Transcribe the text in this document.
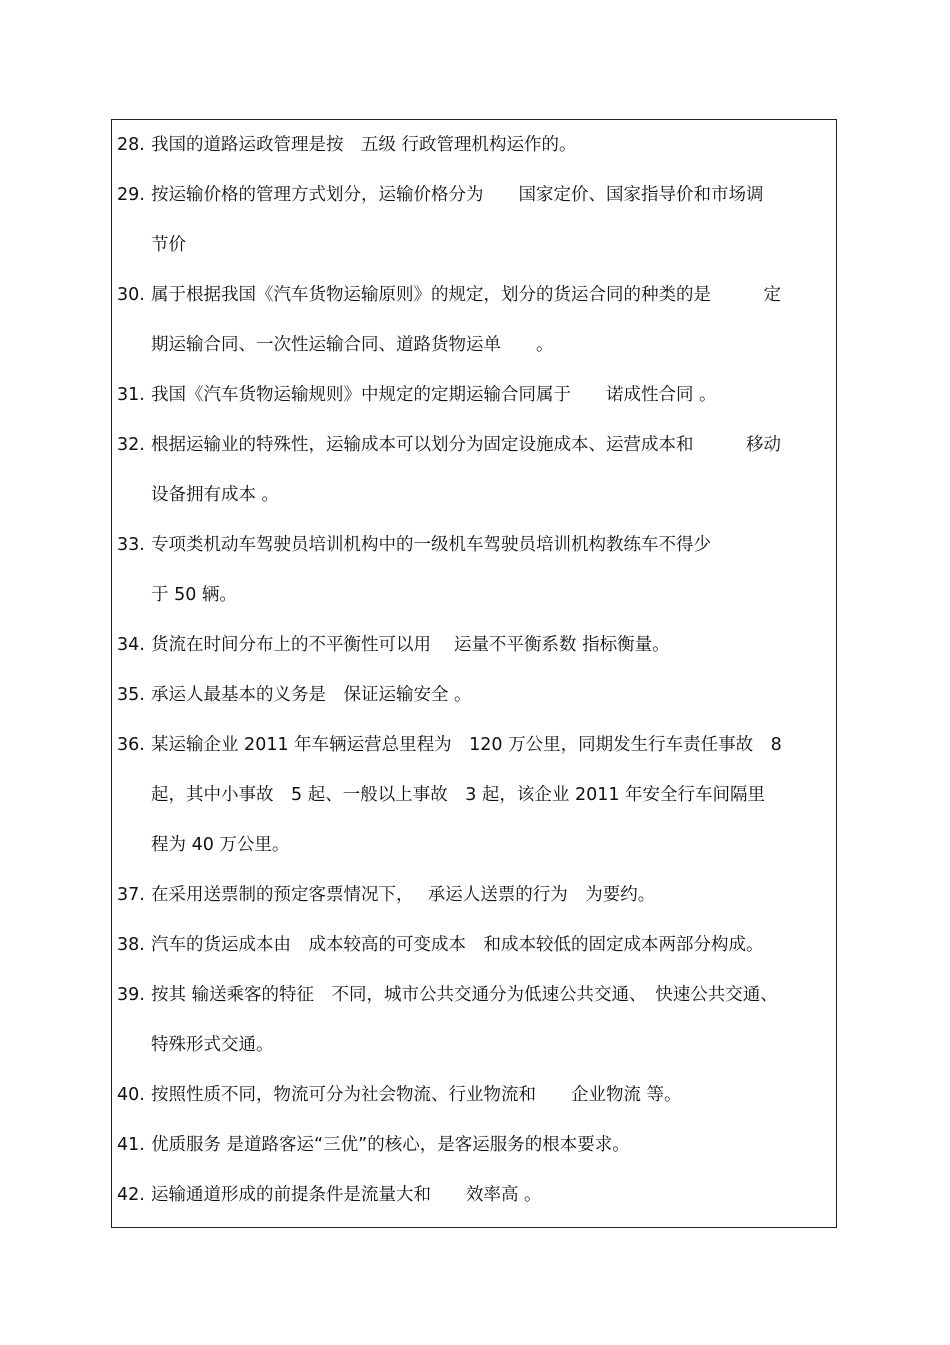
28. 我国的道路运政管理是按　五级 行政管理机构运作的。
29. 按运输价格的管理方式划分，运输价格分为　　国家定价、国家指导价和市场调
节价
30. 属于根据我国《汽车货物运输原则》的规定，划分的货运合同的种类的是　　　定
期运输合同、一次性运输合同、道路货物运单　　。
31. 我国《汽车货物运输规则》中规定的定期运输合同属于　　诺成性合同 。
32. 根据运输业的特殊性，运输成本可以划分为固定设施成本、运营成本和　　　移动
设备拥有成本 。
33. 专项类机动车驾驶员培训机构中的一级机车驾驶员培训机构教练车不得少
于 50 辆。
34. 货流在时间分布上的不平衡性可以用　 运量不平衡系数 指标衡量。
35. 承运人最基本的义务是　保证运输安全 。
36. 某运输企业 2011 年车辆运营总里程为　120 万公里，同期发生行车责任事故　8
起，其中小事故　5 起、一般以上事故　3 起，该企业 2011 年安全行车间隔里
程为 40 万公里。
37. 在采用送票制的预定客票情况下，　 承运人送票的行为　为要约。
38. 汽车的货运成本由　成本较高的可变成本　和成本较低的固定成本两部分构成。
39. 按其 输送乘客的特征　不同，城市公共交通分为低速公共交通、　快速公共交通、
特殊形式交通。
40. 按照性质不同，物流可分为社会物流、行业物流和　　企业物流 等。
41. 优质服务 是道路客运“三优”的核心，是客运服务的根本要求。
42. 运输通道形成的前提条件是流量大和　　效率高 。
